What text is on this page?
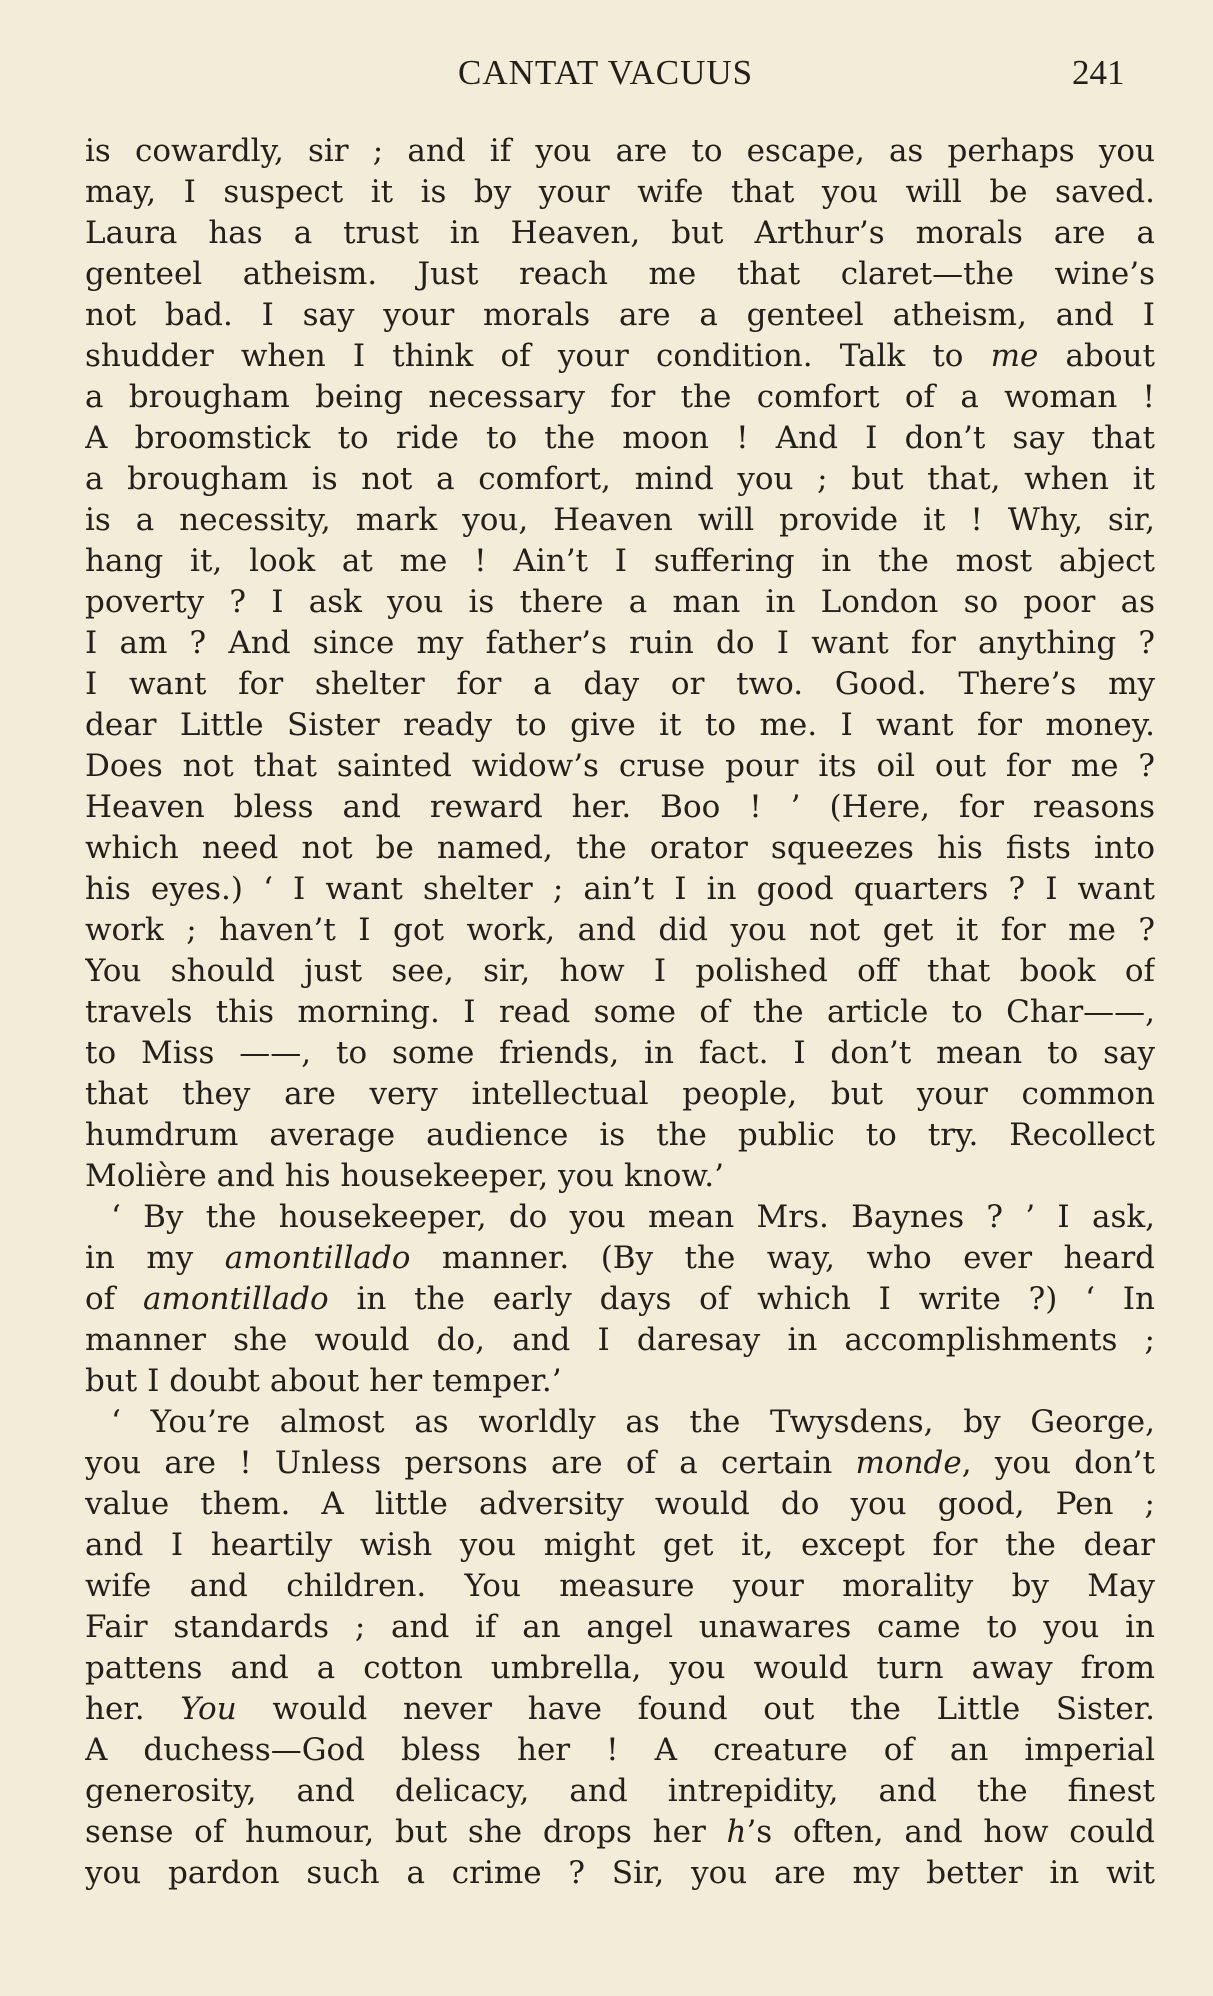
CANTAT VACUUS	241
is cowardly, sir ; and if you are to escape, as perhaps you
may, I suspect it is by your wife that you will be saved.
Laura has a trust in Heaven, but Arthur’s morals are a
genteel atheism. Just reach me that claret—the wine’s
not bad. I say your morals are a genteel atheism, and I
shudder when I think of your condition. Talk to me about
a brougham being necessary for the comfort of a woman !
A broomstick to ride to the moon ! And I don’t say that
a brougham is not a comfort, mind you ; but that, when it
is a necessity, mark you, Heaven will provide it ! Why, sir,
hang it, look at me ! Ain’t I suffering in the most abject
poverty ? I ask you is there a man in London so poor as
I am ? And since my father’s ruin do I want for anything ?
I want for shelter for a day or two. Good. There’s my
dear Little Sister ready to give it to me. I want for money.
Does not that sainted widow’s cruse pour its oil out for me ?
Heaven bless and reward her. Boo ! ’ (Here, for reasons
which need not be named, the orator squeezes his fists into
his eyes.) ‘ I want shelter ; ain’t I in good quarters ? I want
work ; haven’t I got work, and did you not get it for me ?
You should just see, sir, how I polished off that book of
travels this morning. I read some of the article to Char——,
to Miss ——, to some friends, in fact. I don’t mean to say
that they are very intellectual people, but your common
humdrum average audience is the public to try. Recollect
Molière and his housekeeper, you know.’
‘ By the housekeeper, do you mean Mrs. Baynes ? ’ I ask,
in my amontillado manner. (By the way, who ever heard
of amontillado in the early days of which I write ?) ‘ In
manner she would do, and I daresay in accomplishments ;
but I doubt about her temper.’
‘ You’re almost as worldly as the Twysdens, by George,
you are ! Unless persons are of a certain monde, you don’t
value them. A little adversity would do you good, Pen ;
and I heartily wish you might get it, except for the dear
wife and children. You measure your morality by May
Fair standards ; and if an angel unawares came to you in
pattens and a cotton umbrella, you would turn away from
her. You would never have found out the Little Sister.
A duchess—God bless her ! A creature of an imperial
generosity, and delicacy, and intrepidity, and the finest
sense of humour, but she drops her h’s often, and how could
you pardon such a crime ? Sir, you are my better in wit
